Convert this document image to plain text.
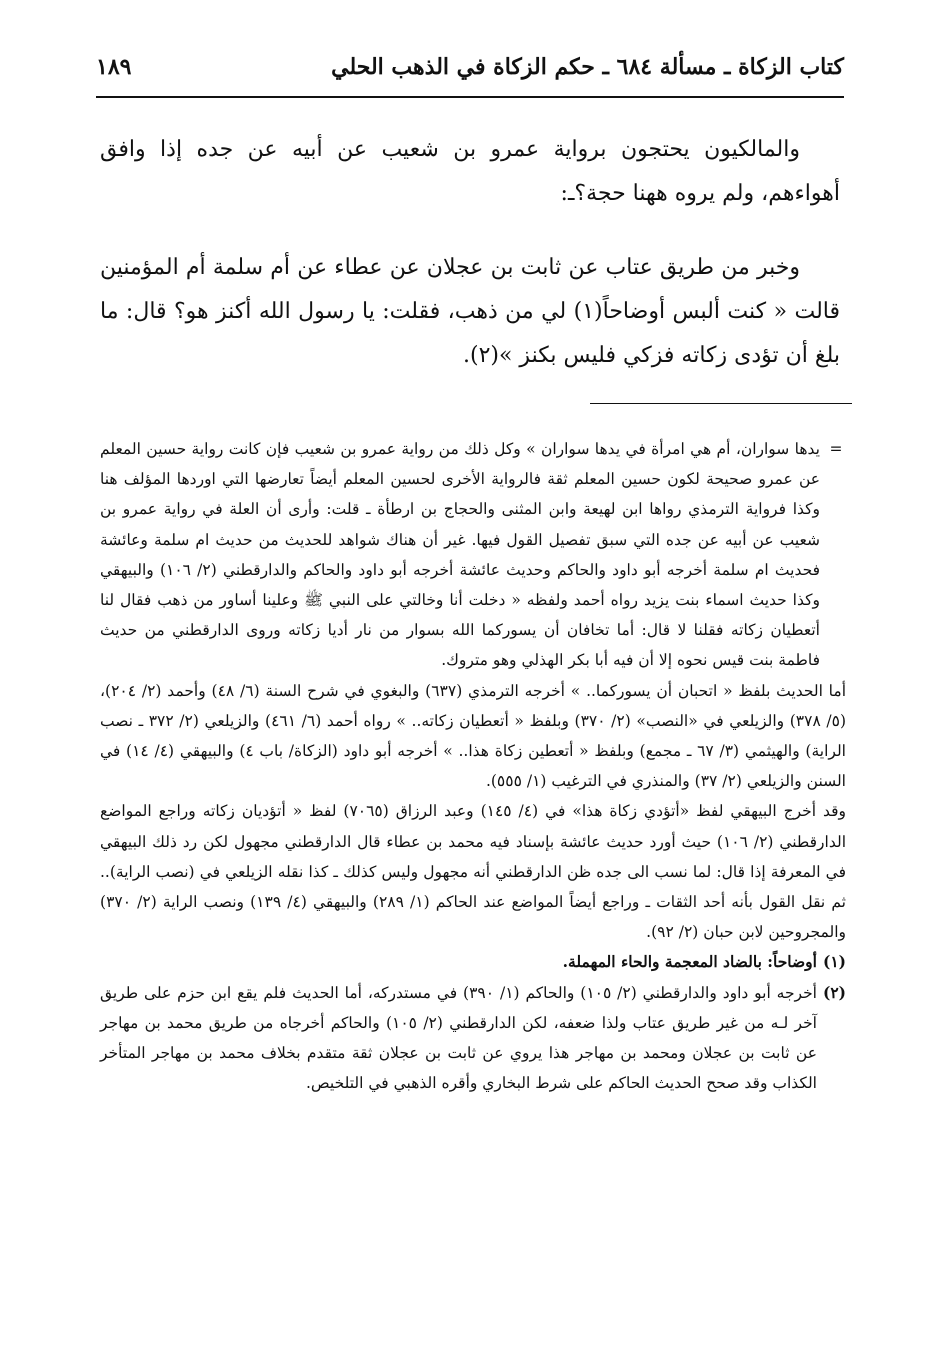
كتاب الزكاة ـ مسألة ٦٨٤ ـ حكم الزكاة في الذهب الحلي
١٨٩

والمالكيون يحتجون برواية عمرو بن شعيب عن أبيه عن جده إذا وافق أهواءهم، ولم يروه ههنا حجة؟ـ:

وخبر من طريق عتاب عن ثابت بن عجلان عن عطاء عن أم سلمة أم المؤمنين قالت « كنت ألبس أوضاحاً(١) لي من ذهب، فقلت: يا رسول الله أكنز هو؟ قال: ما بلغ أن تؤدى زكاته فزكي فليس بكنز »(٢).

=

يدها سواران، أم هي امرأة في يدها سواران » وكل ذلك من رواية عمرو بن شعيب فإن كانت رواية حسين المعلم عن عمرو صحيحة لكون حسين المعلم ثقة فالرواية الأخرى لحسين المعلم أيضاً تعارضها التي اوردها المؤلف هنا وكذا فرواية الترمذي رواها ابن لهيعة وابن المثنى والحجاج بن ارطأة ـ قلت: وأرى أن العلة في رواية عمرو بن شعيب عن أبيه عن جده التي سبق تفصيل القول فيها. غير أن هناك شواهد للحديث من حديث ام سلمة وعائشة فحديث ام سلمة أخرجه أبو داود والحاكم وحديث عائشة أخرجه أبو داود والحاكم والدارقطني (٢/ ١٠٦) والبيهقي وكذا حديث اسماء بنت يزيد رواه أحمد ولفظه « دخلت أنا وخالتي على النبي ﷺ وعلينا أساور من ذهب فقال لنا أتعطيان زكاته فقلنا لا قال: أما تخافان أن يسوركما الله بسوار من نار أديا زكاته وروى الدارقطني من حديث فاطمة بنت قيس نحوه إلا أن فيه أبا بكر الهذلي وهو متروك.

أما الحديث بلفظ « اتحبان أن يسوركما.. » أخرجه الترمذي (٦٣٧) والبغوي في شرح السنة (٦/ ٤٨) وأحمد (٢/ ٢٠٤)، (٥/ ٣٧٨) والزيلعي في «النصب» (٢/ ٣٧٠) وبلفظ « أتعطيان زكاته.. » رواه أحمد (٦/ ٤٦١) والزيلعي (٢/ ٣٧٢ ـ نصب الراية) والهيثمي (٣/ ٦٧ ـ مجمع) وبلفظ « أتعطين زكاة هذا.. » أخرجه أبو داود (الزكاة/ باب ٤) والبيهقي (٤/ ١٤) في السنن والزيلعي (٢/ ٣٧) والمنذري في الترغيب (١/ ٥٥٥).

وقد أخرج البيهقي لفظ «أتؤدي زكاة هذا» في (٤/ ١٤٥) وعبد الرزاق (٧٠٦٥) لفظ « أتؤديان زكاته وراجع المواضع الدارقطني (٢/ ١٠٦) حيث أورد حديث عائشة بإسناد فيه محمد بن عطاء قال الدارقطني مجهول لكن رد ذلك البيهقي في المعرفة إذا قال: لما نسب الى جده ظن الدارقطني أنه مجهول وليس كذلك ـ كذا نقله الزيلعي في (نصب الراية).. ثم نقل القول بأنه أحد الثقات ـ وراجع أيضاً المواضع عند الحاكم (١/ ٢٨٩) والبيهقي (٤/ ١٣٩) ونصب الراية (٢/ ٣٧٠) والمجروحين لابن حبان (٢/ ٩٢).

(١)
أوضاحاً: بالضاد المعجمة والحاء المهملة.
(٢)
أخرجه أبو داود والدارقطني (٢/ ١٠٥) والحاكم (١/ ٣٩٠) في مستدركه، أما الحديث فلم يقع ابن حزم على طريق آخر لـه من غير طريق عتاب ولذا ضعفه، لكن الدارقطني (٢/ ١٠٥) والحاكم أخرجاه من طريق محمد بن مهاجر عن ثابت بن عجلان ومحمد بن مهاجر هذا يروي عن ثابت بن عجلان ثقة متقدم بخلاف محمد بن مهاجر المتأخر الكذاب وقد صحح الحديث الحاكم على شرط البخاري وأقره الذهبي في التلخيص.
